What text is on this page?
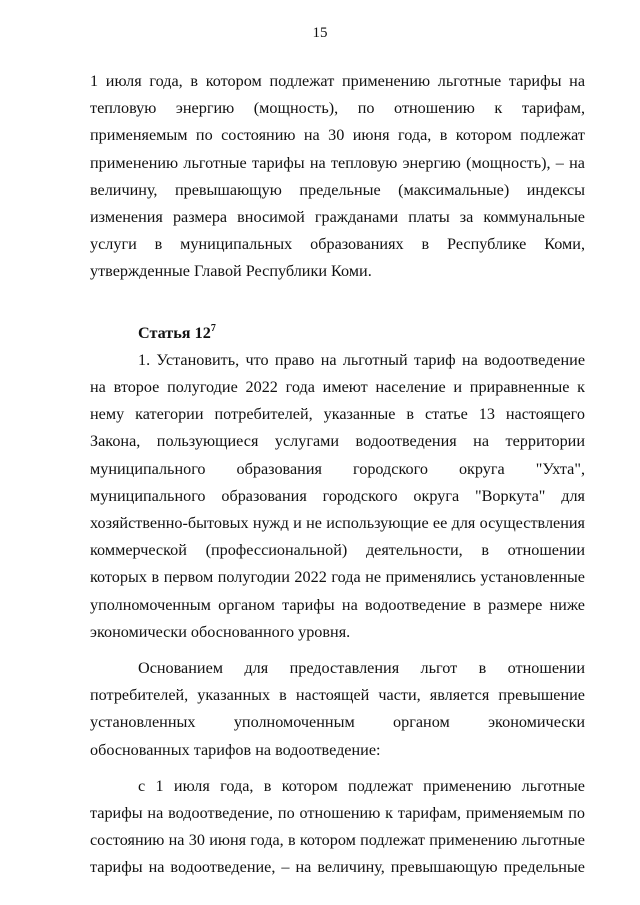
15

1 июля года, в котором подлежат применению льготные тарифы на тепловую энергию (мощность), по отношению к тарифам, применяемым по состоянию на 30 июня года, в котором подлежат применению льготные тарифы на тепловую энергию (мощность), – на величину, превышающую предельные (максимальные) индексы изменения размера вносимой гражданами платы за коммунальные услуги в муниципальных образованиях в Республике Коми, утвержденные Главой Республики Коми.

Статья $12^7$

1. Установить, что право на льготный тариф на водоотведение на второе полугодие 2022 года имеют население и приравненные к нему категории потребителей, указанные в статье 13 настоящего Закона, пользующиеся услугами водоотведения на территории муниципального образования городского округа "Ухта", муниципального образования городского округа "Воркута" для хозяйственно-бытовых нужд и не использующие ее для осуществления коммерческой (профессиональной) деятельности, в отношении которых в первом полугодии 2022 года не применялись установленные уполномоченным органом тарифы на водоотведение в размере ниже экономически обоснованного уровня.

Основанием для предоставления льгот в отношении потребителей, указанных в настоящей части, является превышение установленных уполномоченным органом экономически обоснованных тарифов на водоотведение:

с 1 июля года, в котором подлежат применению льготные тарифы на водоотведение, по отношению к тарифам, применяемым по состоянию на 30 июня года, в котором подлежат применению льготные тарифы на водоотведение, – на величину, превышающую предельные
